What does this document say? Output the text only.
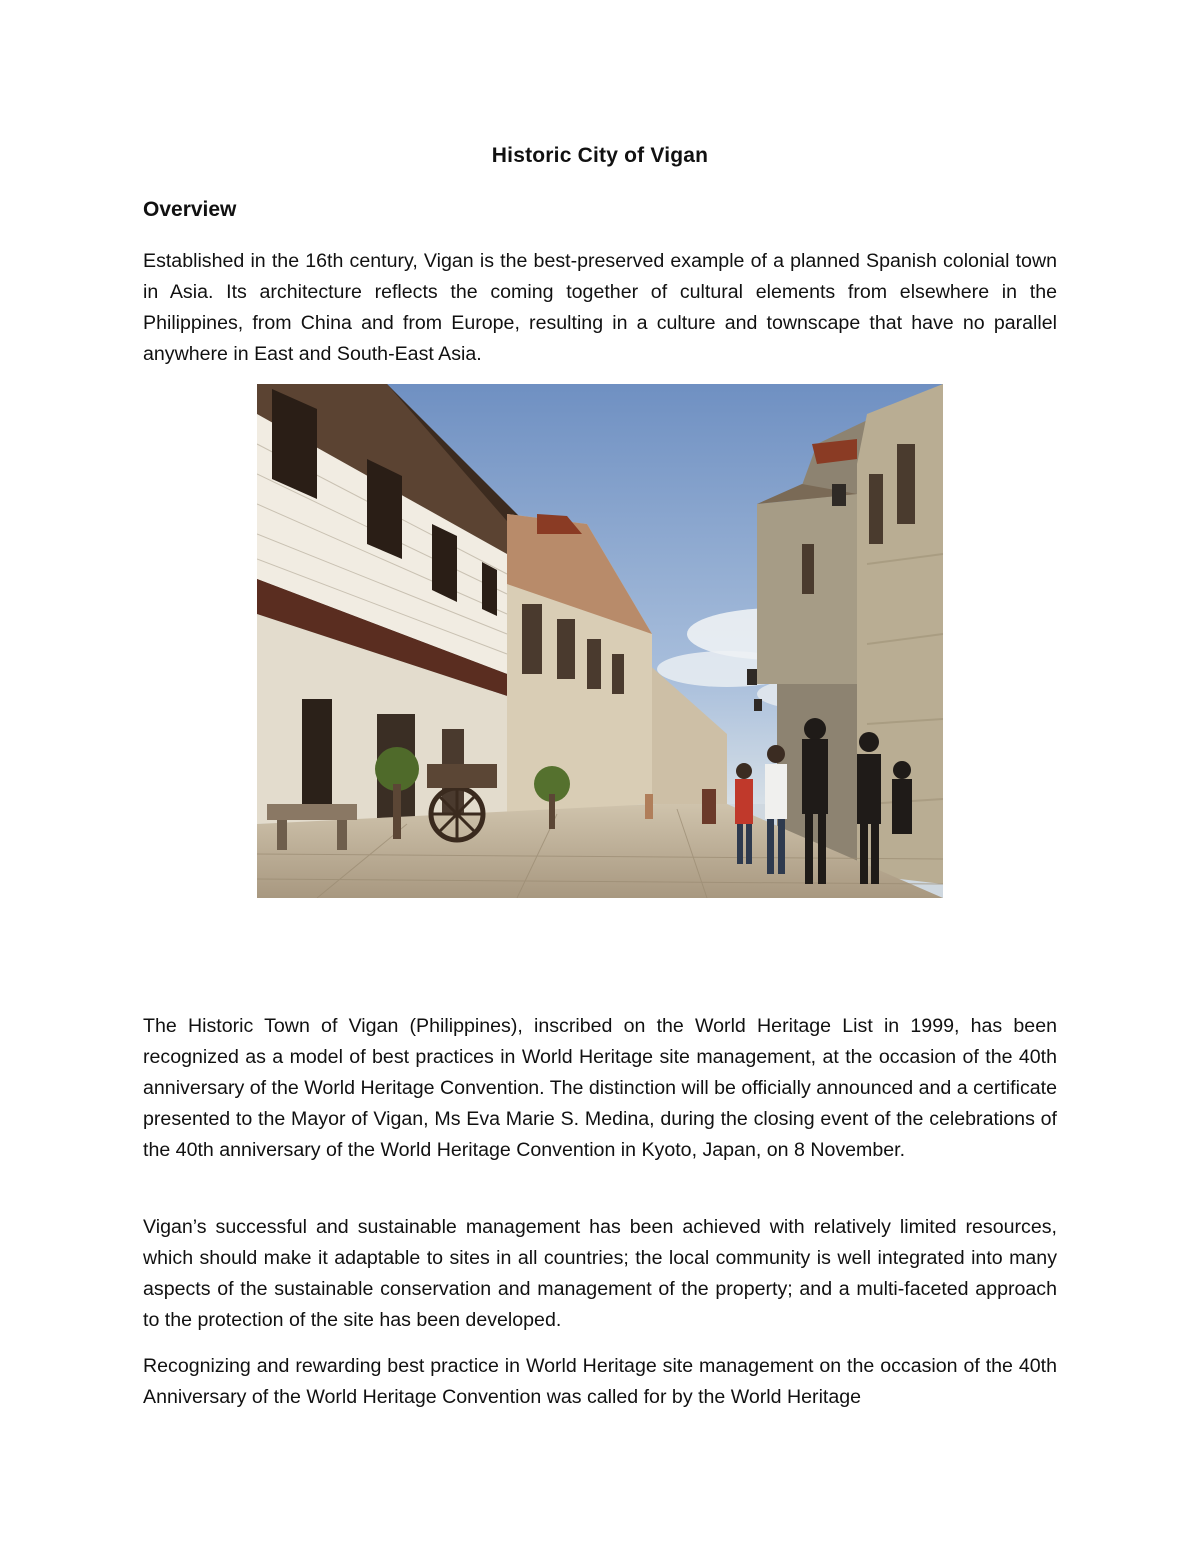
Historic City of Vigan
Overview

Established in the 16th century, Vigan is the best-preserved example of a planned Spanish colonial town in Asia. Its architecture reflects the coming together of cultural elements from elsewhere in the Philippines, from China and from Europe, resulting in a culture and townscape that have no parallel anywhere in East and South-East Asia.

The Historic Town of Vigan (Philippines), inscribed on the World Heritage List in 1999, has been recognized as a model of best practices in World Heritage site management, at the occasion of the 40th anniversary of the World Heritage Convention. The distinction will be officially announced and a certificate presented to the Mayor of Vigan, Ms Eva Marie S. Medina, during the closing event of the celebrations of the 40th anniversary of the World Heritage Convention in Kyoto, Japan, on 8 November.

Vigan’s successful and sustainable management has been achieved with relatively limited resources, which should make it adaptable to sites in all countries; the local community is well integrated into many aspects of the sustainable conservation and management of the property; and a multi-faceted approach to the protection of the site has been developed.

Recognizing and rewarding best practice in World Heritage site management on the occasion of the 40th Anniversary of the World Heritage Convention was called for by the World Heritage
